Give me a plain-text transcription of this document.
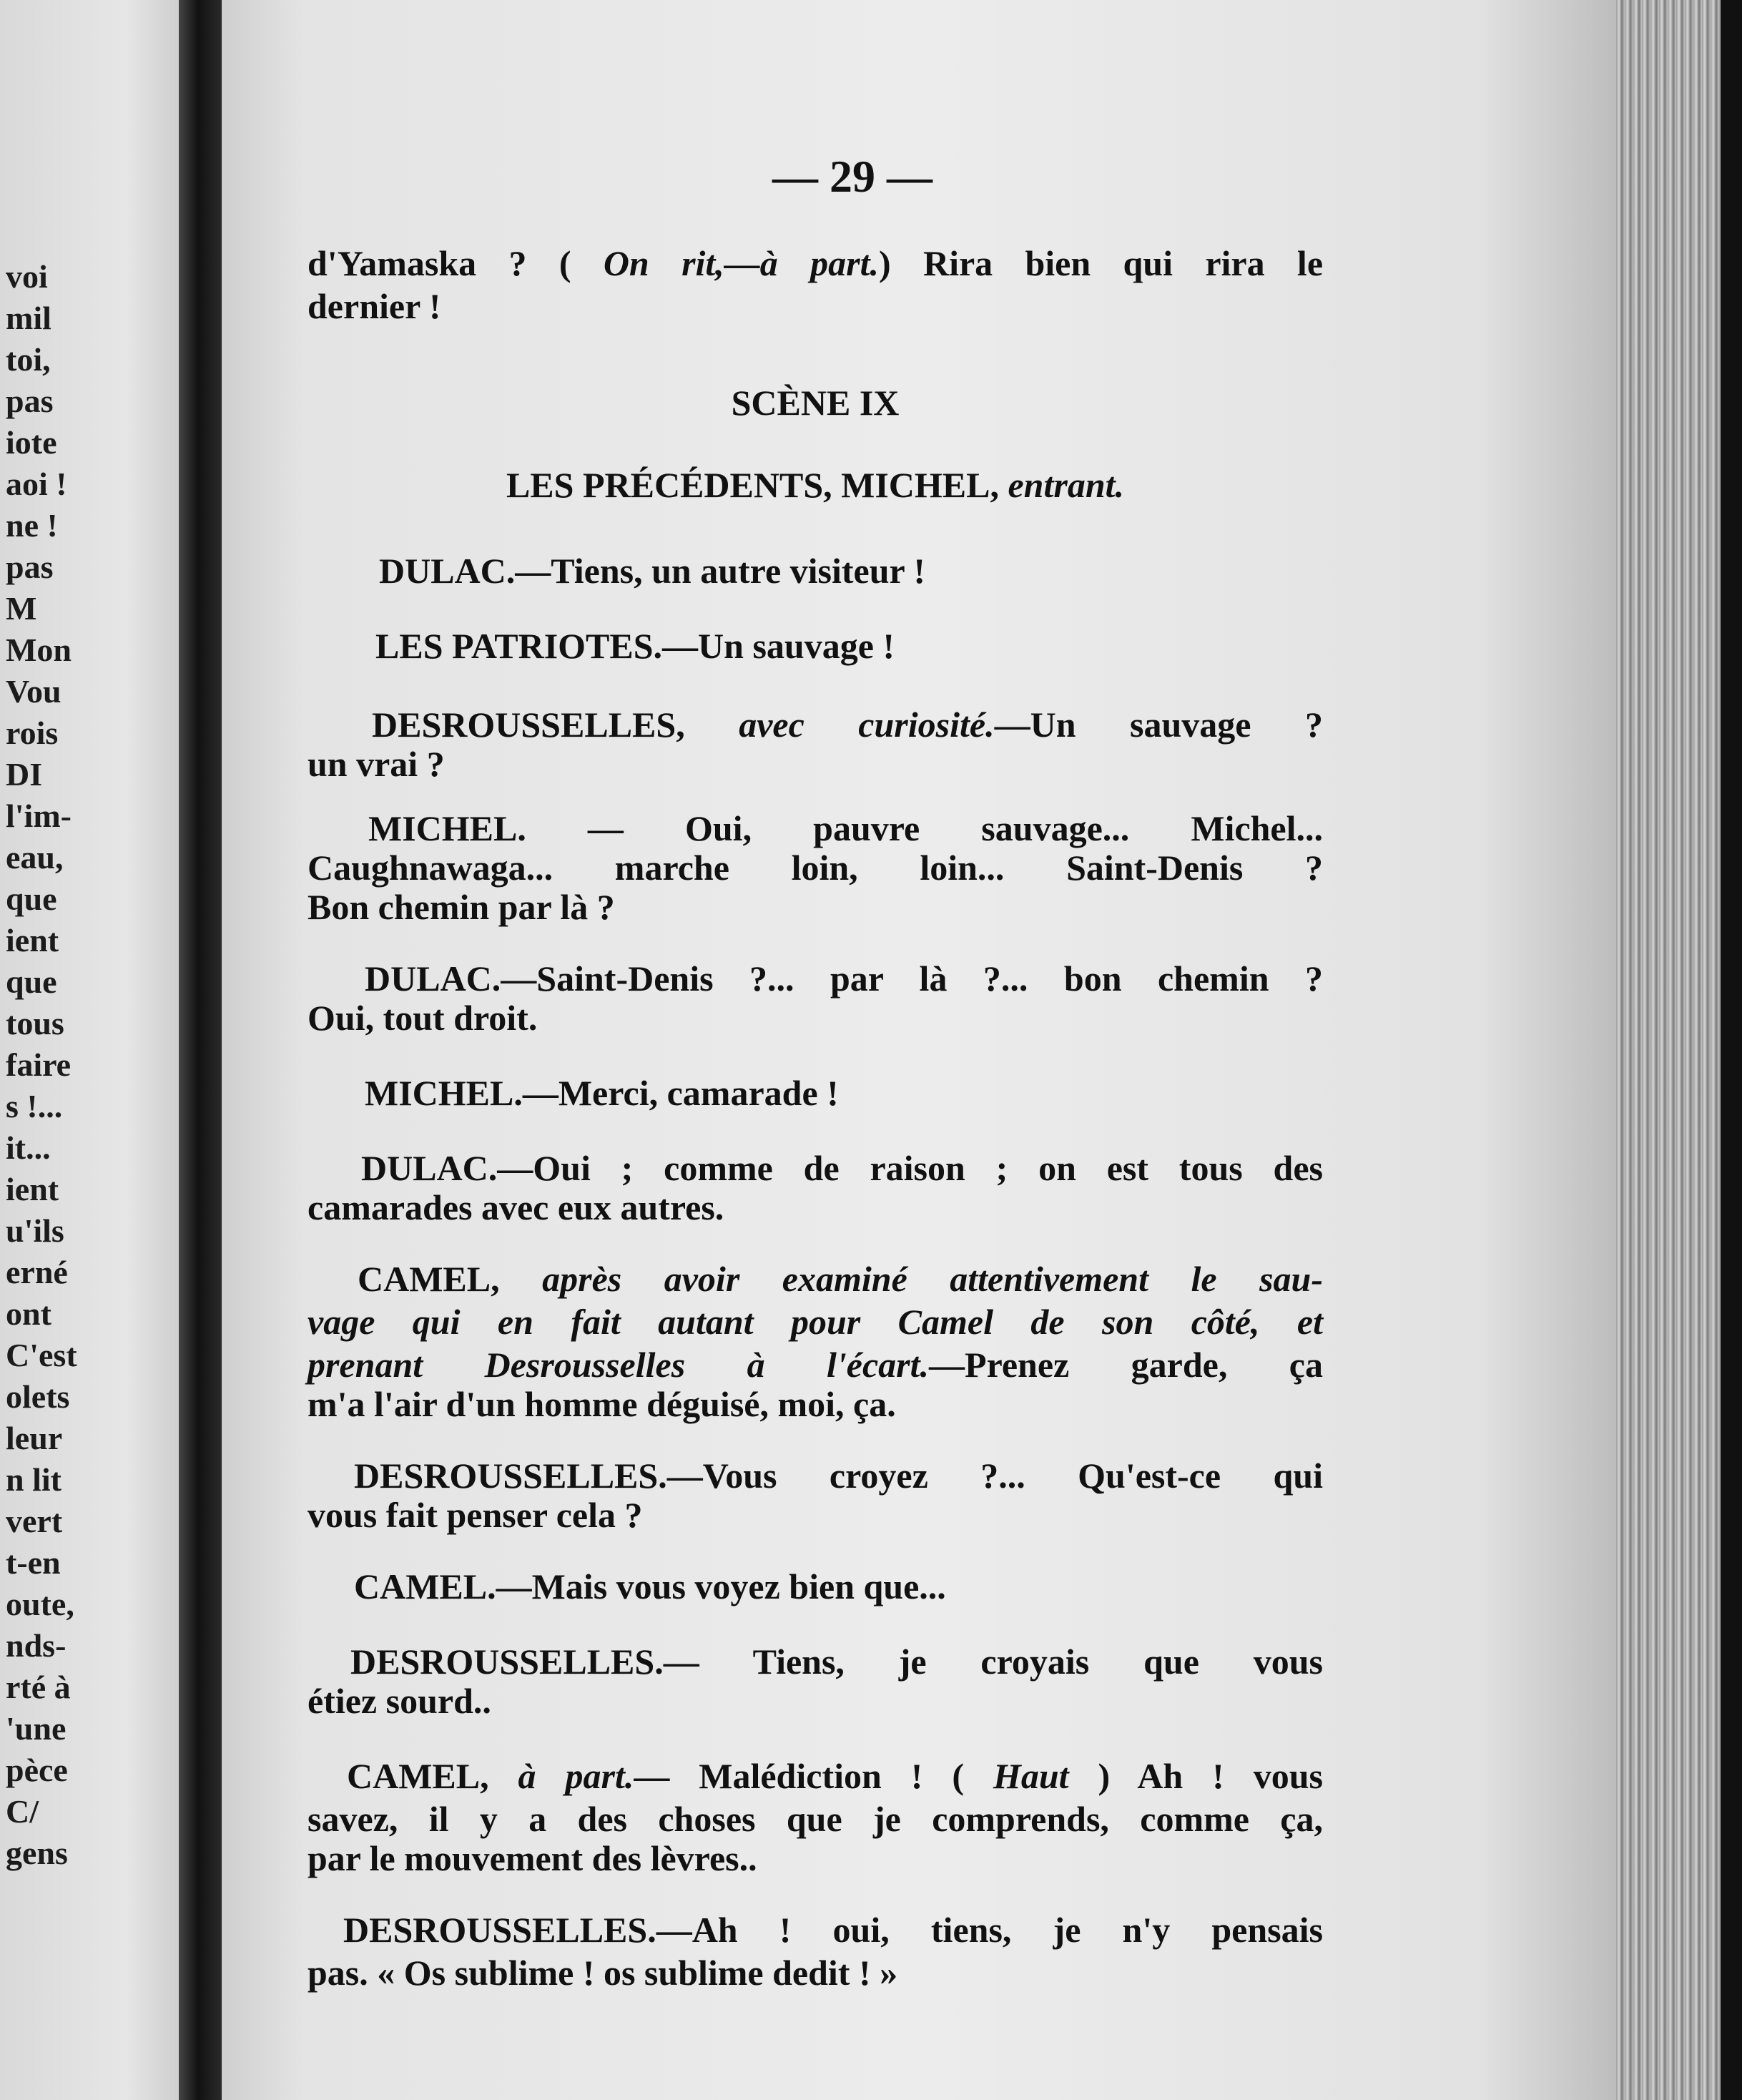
voi
mil
toi,
pas
iote
aoi !
ne !
pas
M
Mon
Vou
rois
DI
l'im-
eau,
que
ient
que
tous
faire
s !...
it...
ient
u'ils
erné
ont
C'est
olets
leur
n lit
vert
t-en
oute,
nds-
rté à
'une
pèce
C/
gens
— 29 —
d'Yamaska ? ( On rit,—à part.) Rira bien qui rira le
dernier !
SCÈNE IX
LES PRÉCÉDENTS, MICHEL, entrant.
DULAC.—Tiens, un autre visiteur !
LES PATRIOTES.—Un sauvage !
DESROUSSELLES, avec curiosité.—Un sauvage ?
un vrai ?
MICHEL. — Oui, pauvre sauvage... Michel...
Caughnawaga... marche loin, loin... Saint-Denis ?
Bon chemin par là ?
DULAC.—Saint-Denis ?... par là ?... bon chemin ?
Oui, tout droit.
MICHEL.—Merci, camarade !
DULAC.—Oui ; comme de raison ; on est tous des
camarades avec eux autres.
CAMEL, après avoir examiné attentivement le sau-
vage qui en fait autant pour Camel de son côté, et
prenant Desrousselles à l'écart.—Prenez garde, ça
m'a l'air d'un homme déguisé, moi, ça.
DESROUSSELLES.—Vous croyez ?... Qu'est-ce qui
vous fait penser cela ?
CAMEL.—Mais vous voyez bien que...
DESROUSSELLES.— Tiens, je croyais que vous
étiez sourd..
CAMEL, à part.— Malédiction ! ( Haut ) Ah ! vous
savez, il y a des choses que je comprends, comme ça,
par le mouvement des lèvres..
DESROUSSELLES.—Ah ! oui, tiens, je n'y pensais
pas. « Os sublime ! os sublime dedit ! »
